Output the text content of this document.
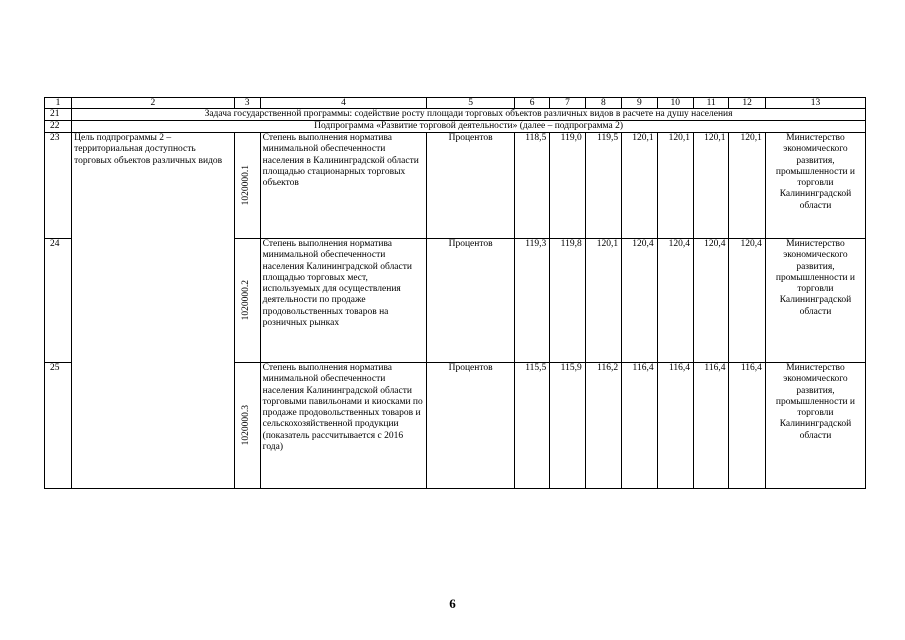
1	2	3	4	5	6	7	8	9	10	11	12	13
21	Задача государственной программы: содействие росту площади торговых объектов различных видов в расчете на душу населения											
22	Подпрограмма «Развитие торговой деятельности» (далее – подпрограмма 2)											
23	Цель подпрограммы 2 – территориальная доступность торговых объектов различных видов	1020000.1	Степень выполнения норматива минимальной обеспеченности населения в Калининградской области площадью стационарных торговых объектов	Процентов	118,5	119,0	119,5	120,1	120,1	120,1	120,1	Министерство экономического развития, промышленности и торговли Калининградской области
24		1020000.2	Степень выполнения норматива минимальной обеспеченности населения Калининградской области площадью торговых мест, используемых для осуществления деятельности по продаже продовольственных товаров на розничных рынках	Процентов	119,3	119,8	120,1	120,4	120,4	120,4	120,4	Министерство экономического развития, промышленности и торговли Калининградской области
25		1020000.3	Степень выполнения норматива минимальной обеспеченности населения Калининградской области торговыми павильонами и киосками по продаже продовольственных товаров и сельскохозяйственной продукции (показатель рассчитывается с 2016 года)	Процентов	115,5	115,9	116,2	116,4	116,4	116,4	116,4	Министерство экономического развития, промышленности и торговли Калининградской области
6
